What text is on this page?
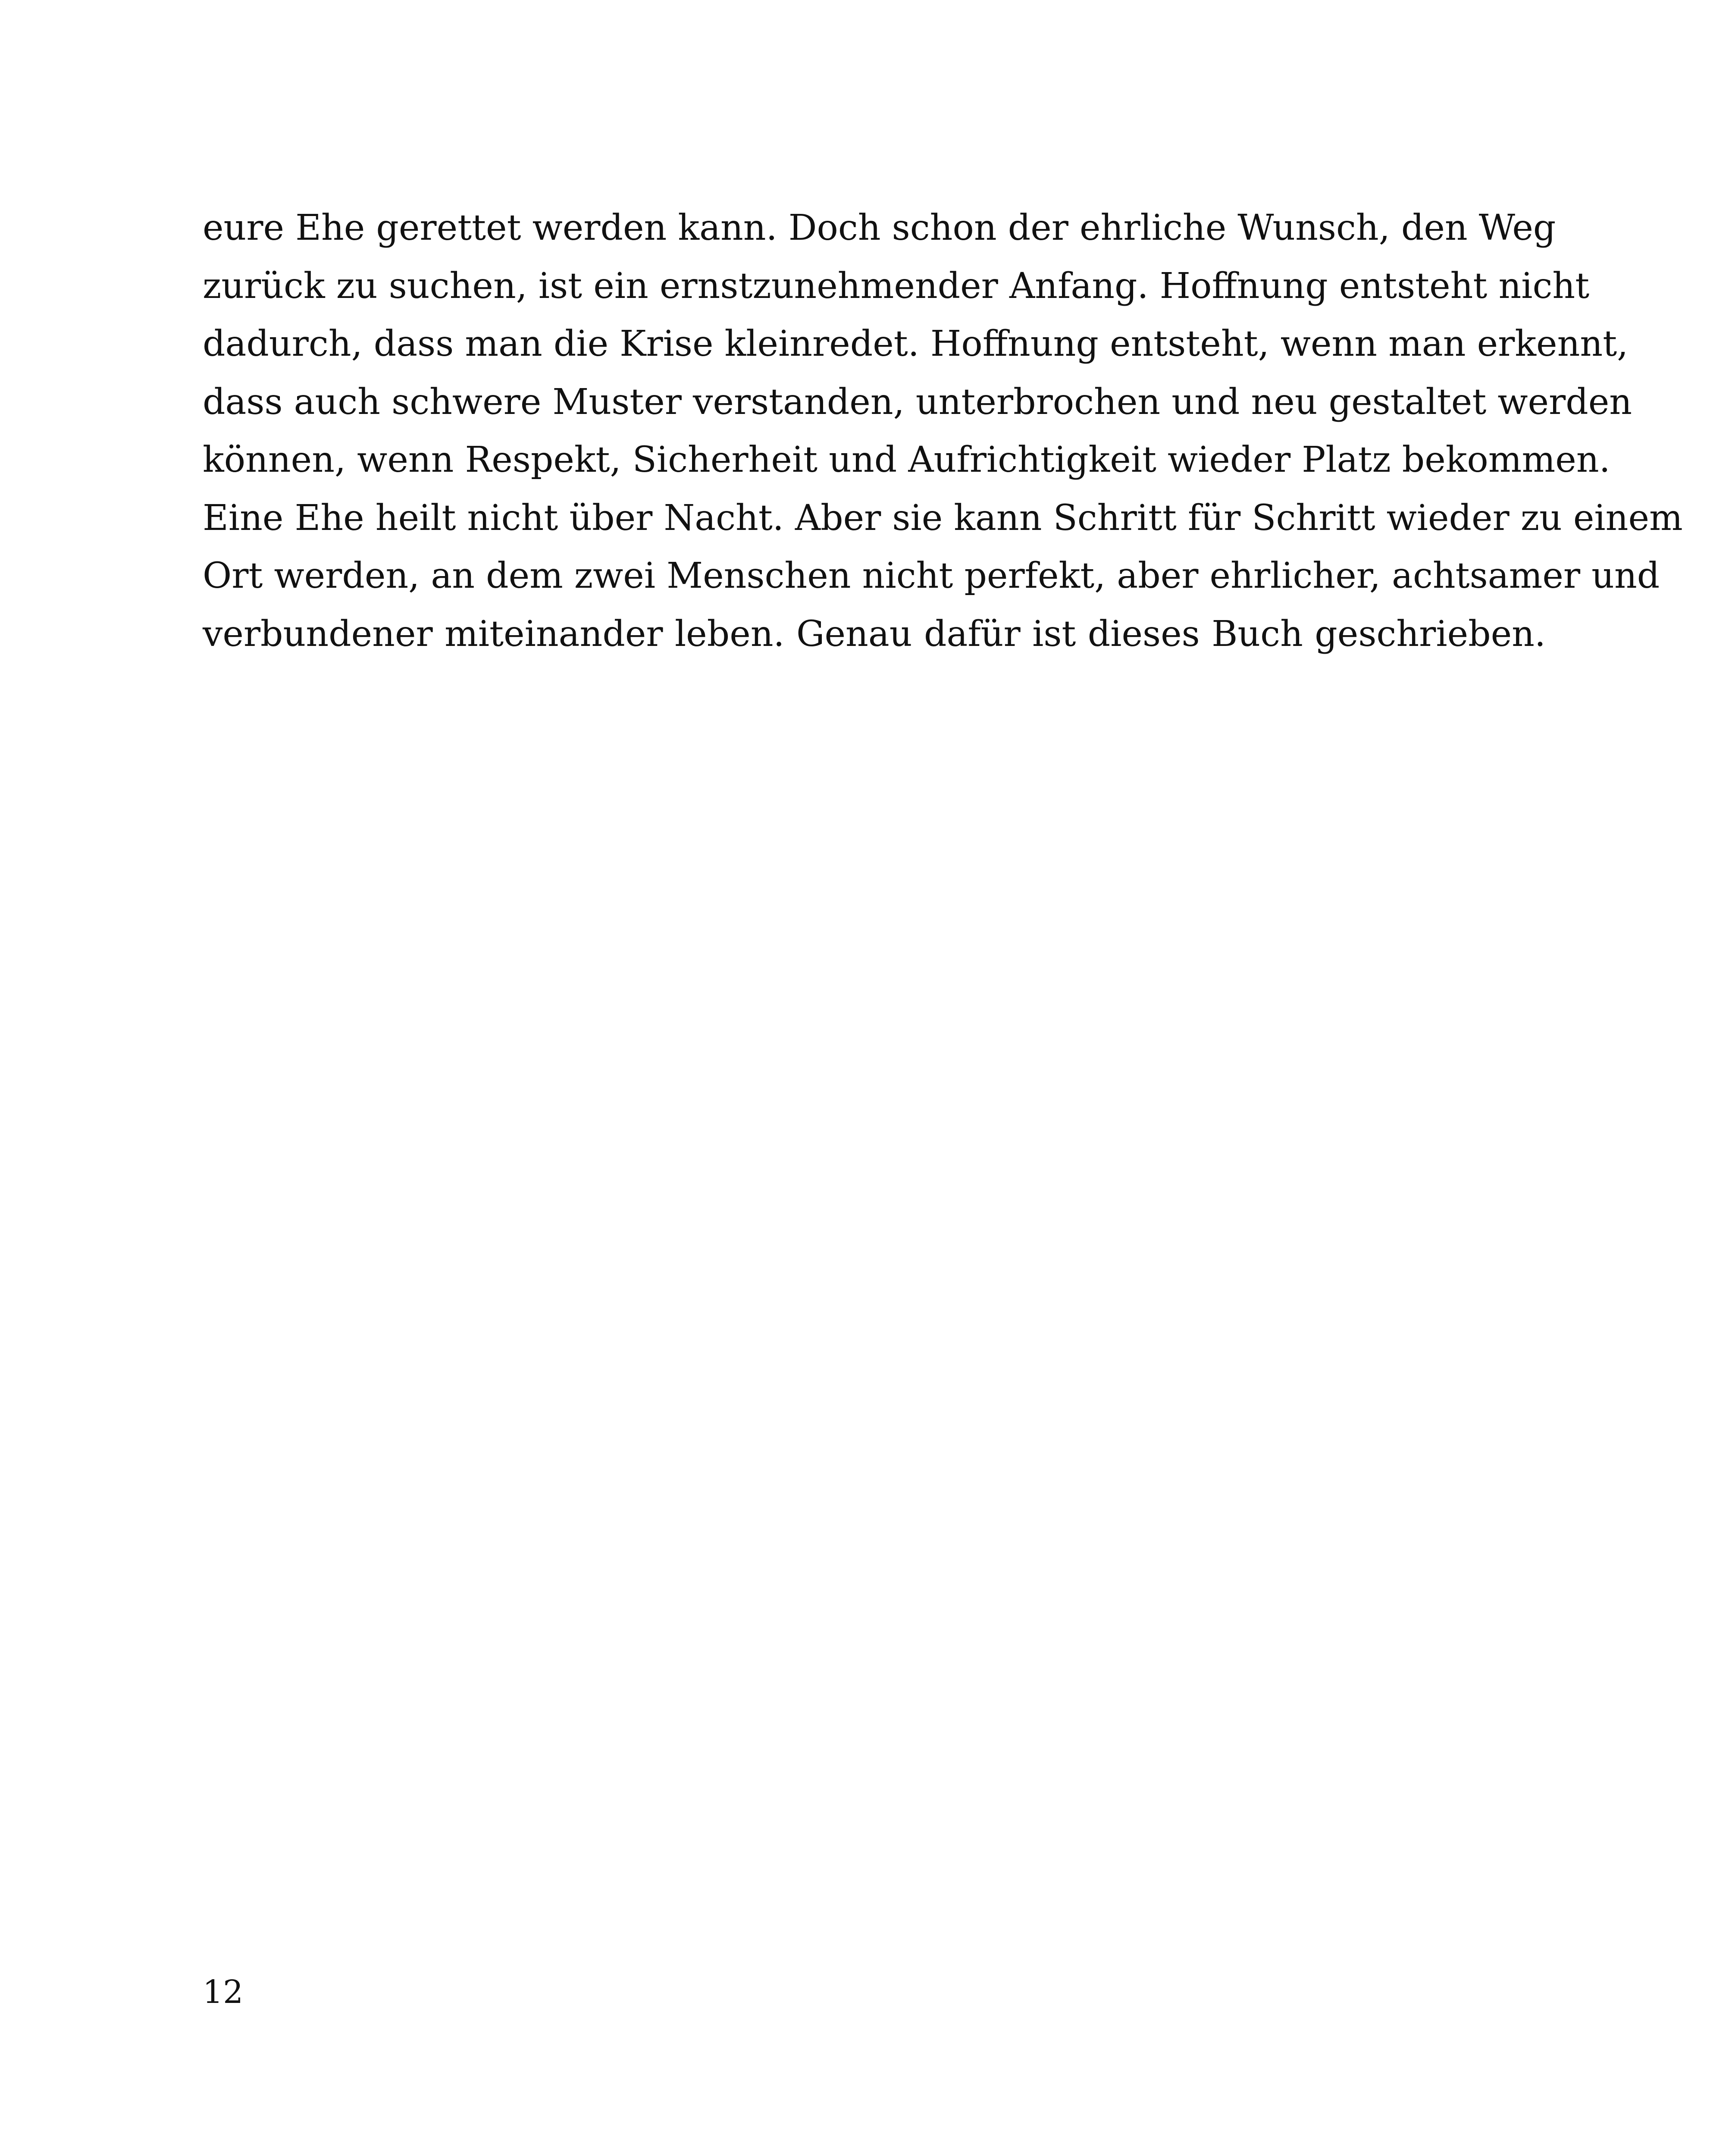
eure Ehe gerettet werden kann. Doch schon der ehrliche Wunsch, den Weg
zurück zu suchen, ist ein ernstzunehmender Anfang. Hoffnung entsteht nicht
dadurch, dass man die Krise kleinredet. Hoffnung entsteht, wenn man erkennt,
dass auch schwere Muster verstanden, unterbrochen und neu gestaltet werden
können, wenn Respekt, Sicherheit und Aufrichtigkeit wieder Platz bekommen.
Eine Ehe heilt nicht über Nacht. Aber sie kann Schritt für Schritt wieder zu einem
Ort werden, an dem zwei Menschen nicht perfekt, aber ehrlicher, achtsamer und
verbundener miteinander leben. Genau dafür ist dieses Buch geschrieben.
12
